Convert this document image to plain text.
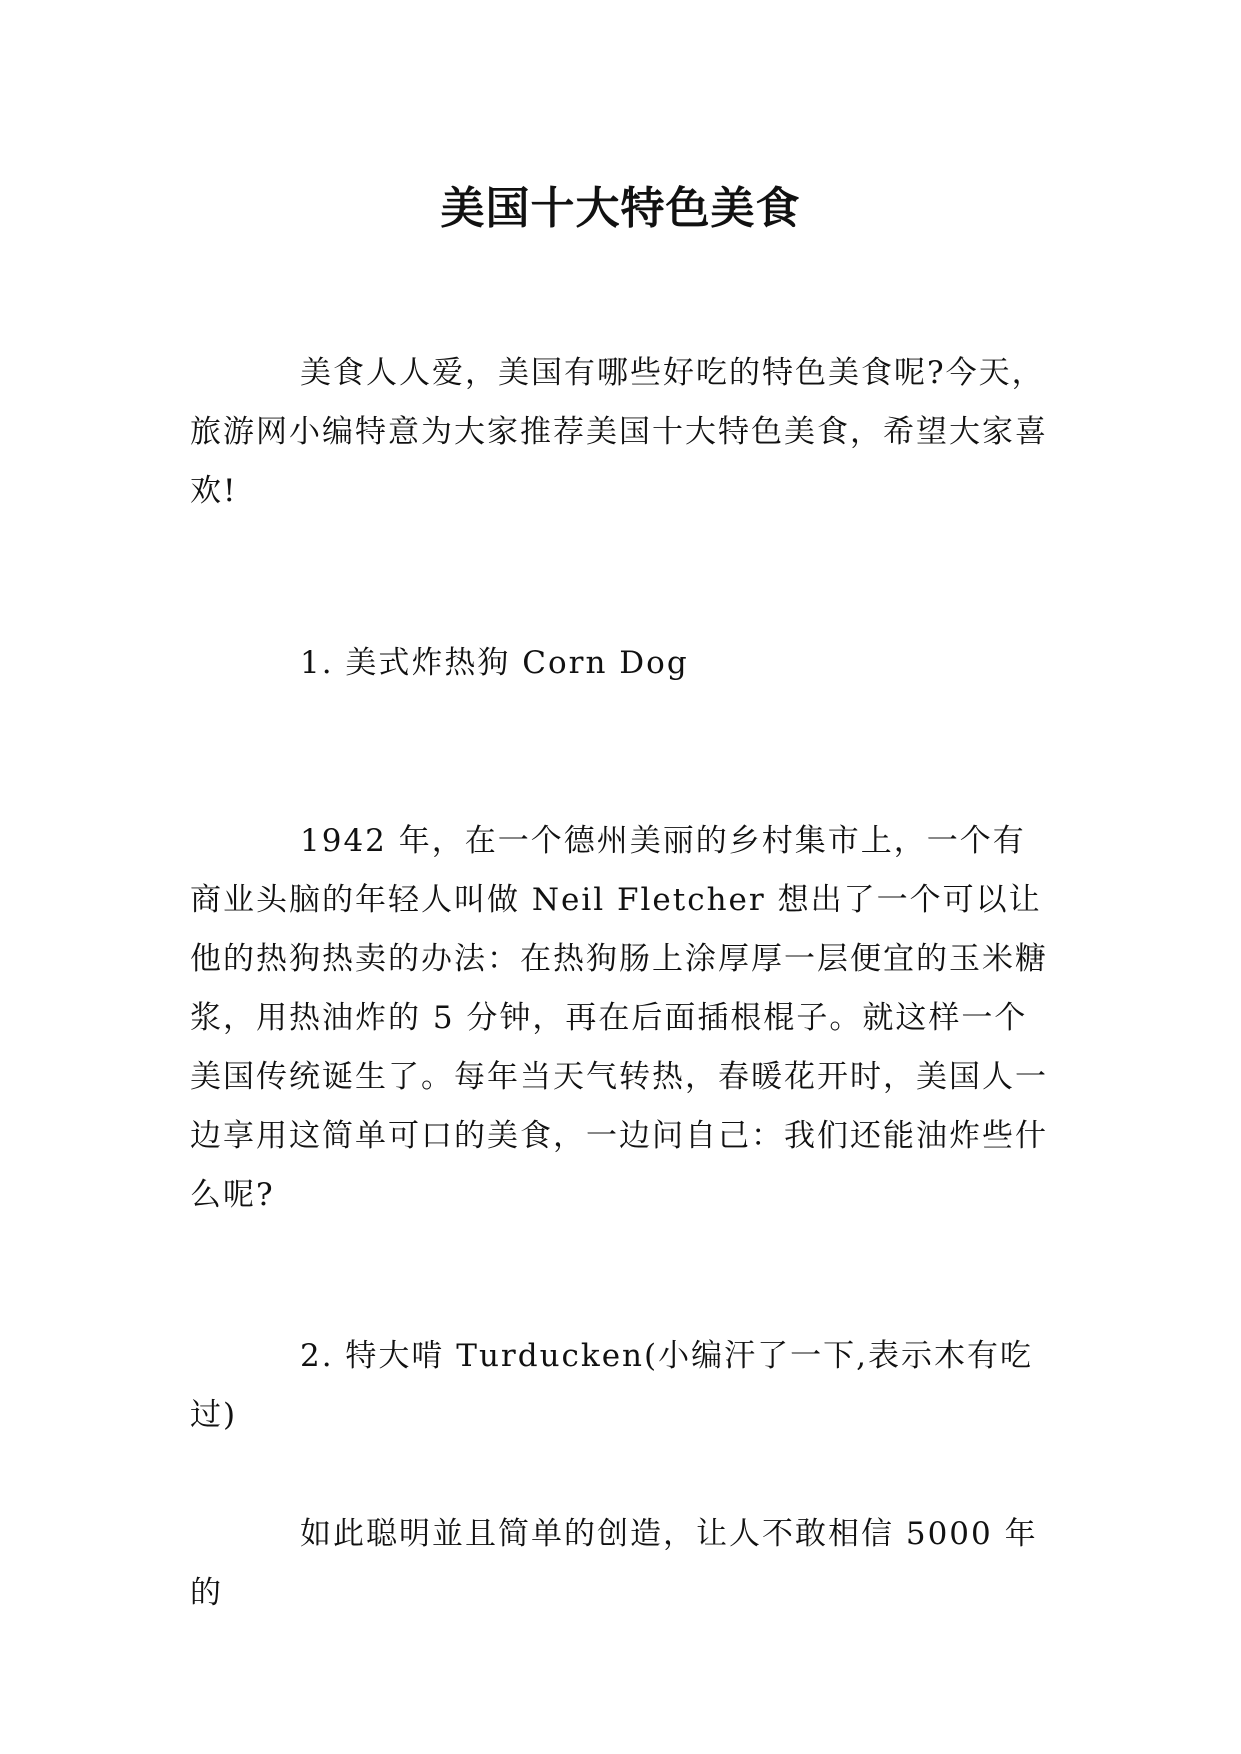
美国十大特色美食

美食人人爱，美国有哪些好吃的特色美食呢?今天，旅游网小编特意为大家推荐美国十大特色美食，希望大家喜欢!

1. 美式炸热狗 Corn Dog

1942 年，在一个德州美丽的乡村集市上，一个有商业头脑的年轻人叫做 Neil Fletcher 想出了一个可以让他的热狗热卖的办法：在热狗肠上涂厚厚一层便宜的玉米糖浆，用热油炸的 5 分钟，再在后面插根棍子。就这样一个美国传统诞生了。每年当天气转热，春暖花开时，美国人一边享用这简单可口的美食，一边问自己：我们还能油炸些什么呢?

2. 特大啃 Turducken(小编汗了一下,表示木有吃过)

如此聪明並且简单的创造，让人不敢相信 5000 年的
